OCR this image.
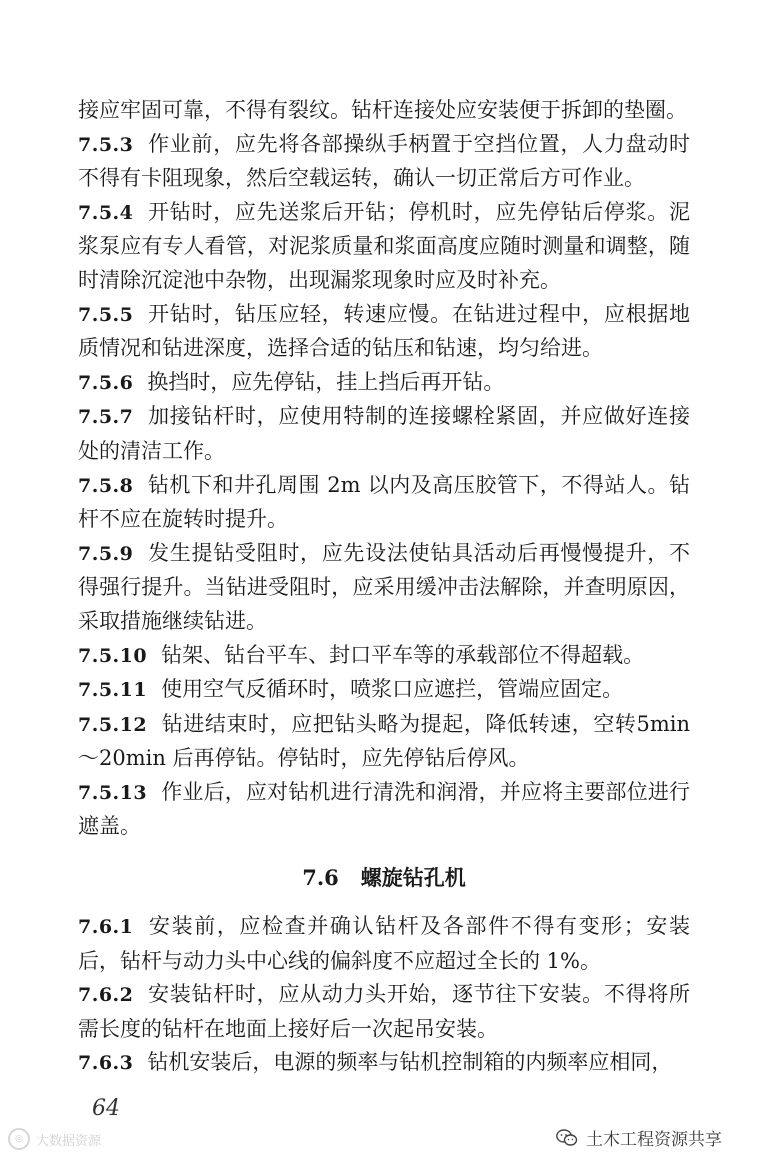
接应牢固可靠，不得有裂纹。钻杆连接处应安装便于拆卸的垫圈。

7.5.3 作业前，应先将各部操纵手柄置于空挡位置，人力盘动时不得有卡阻现象，然后空载运转，确认一切正常后方可作业。

7.5.4 开钻时，应先送浆后开钻；停机时，应先停钻后停浆。泥浆泵应有专人看管，对泥浆质量和浆面高度应随时测量和调整，随时清除沉淀池中杂物，出现漏浆现象时应及时补充。

7.5.5 开钻时，钻压应轻，转速应慢。在钻进过程中，应根据地质情况和钻进深度，选择合适的钻压和钻速，均匀给进。

7.5.6 换挡时，应先停钻，挂上挡后再开钻。

7.5.7 加接钻杆时，应使用特制的连接螺栓紧固，并应做好连接处的清洁工作。

7.5.8 钻机下和井孔周围 2m 以内及高压胶管下，不得站人。钻杆不应在旋转时提升。

7.5.9 发生提钻受阻时，应先设法使钻具活动后再慢慢提升，不得强行提升。当钻进受阻时，应采用缓冲击法解除，并查明原因，采取措施继续钻进。

7.5.10 钻架、钻台平车、封口平车等的承载部位不得超载。

7.5.11 使用空气反循环时，喷浆口应遮拦，管端应固定。

7.5.12 钻进结束时，应把钻头略为提起，降低转速，空转5min～20min 后再停钻。停钻时，应先停钻后停风。

7.5.13 作业后，应对钻机进行清洗和润滑，并应将主要部位进行遮盖。

7.6 螺旋钻孔机

7.6.1 安装前，应检查并确认钻杆及各部件不得有变形；安装后，钻杆与动力头中心线的偏斜度不应超过全长的 1%。

7.6.2 安装钻杆时，应从动力头开始，逐节往下安装。不得将所需长度的钻杆在地面上接好后一次起吊安装。

7.6.3 钻机安装后，电源的频率与钻机控制箱的内频率应相同，

64
◎	大数据资源	土木工程资源共享
